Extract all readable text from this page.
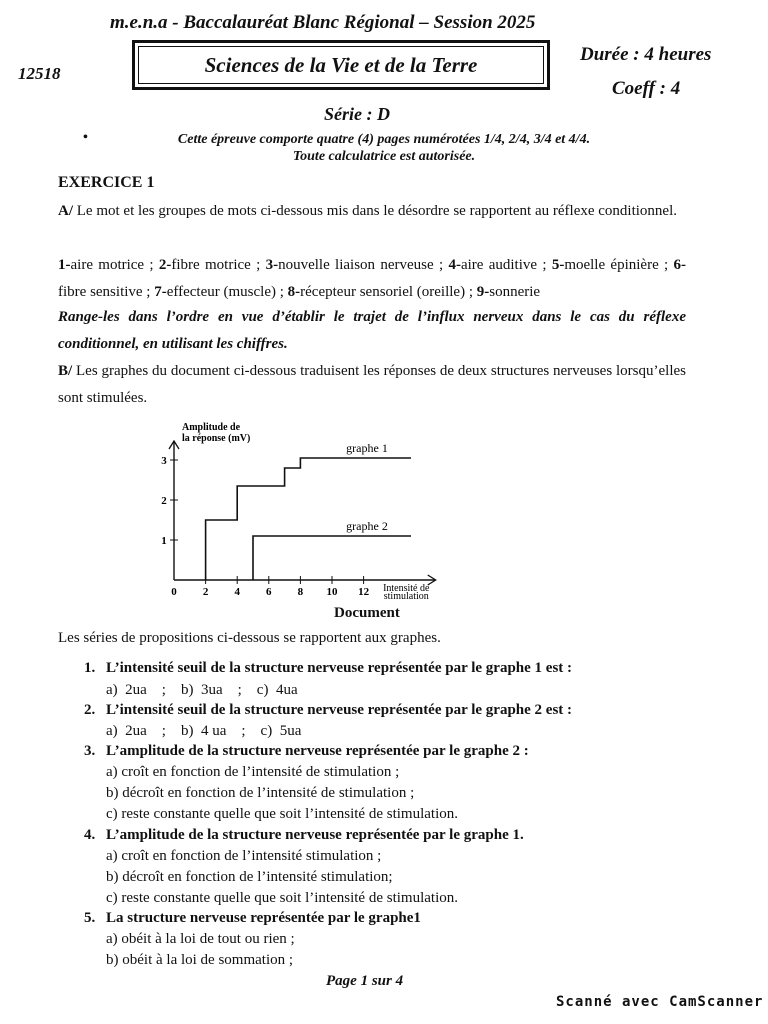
m.e.n.a - Baccalauréat Blanc Régional – Session 2025
12518	Sciences de la Vie et de la Terre	Durée : 4 heures
Coeff : 4
Série : D
•	Cette épreuve comporte quatre (4) pages numérotées 1/4, 2/4, 3/4 et 4/4.
Toute calculatrice est autorisée.
EXERCICE 1
A/ Le mot et les groupes de mots ci-dessous mis dans le désordre se rapportent au réflexe conditionnel.
1-aire motrice ; 2-fibre motrice ; 3-nouvelle liaison nerveuse ; 4-aire auditive ; 5-moelle épinière ; 6-fibre sensitive ; 7-effecteur (muscle) ; 8-récepteur sensoriel (oreille) ; 9-sonnerie
Range-les dans l’ordre en vue d’établir le trajet de l’influx nerveux dans le cas du réflexe conditionnel, en utilisant les chiffres.
B/ Les graphes du document ci-dessous traduisent les réponses de deux structures nerveuses lorsqu’elles sont stimulées.
0 2 4 6 8 10 12
1
2
3
graphe 1
graphe 2
Amplitude de
la réponse (mV)
Intensité de
stimulation
Document
Les séries de propositions ci-dessous se rapportent aux graphes.
1. L’intensité seuil de la structure nerveuse représentée par le graphe 1 est :
a)  2ua    ;    b)  3ua    ;    c)  4ua
2. L’intensité seuil de la structure nerveuse représentée par le graphe 2 est :
a)  2ua    ;    b)  4 ua    ;    c)  5ua
3. L’amplitude de la structure nerveuse représentée par le graphe 2 :
a) croît en fonction de l’intensité de stimulation ;
b) décroît en fonction de l’intensité de stimulation ;
c) reste constante quelle que soit l’intensité de stimulation.
4. L’amplitude de la structure nerveuse représentée par le graphe 1.
a) croît en fonction de l’intensité stimulation ;
b) décroît en fonction de l’intensité stimulation;
c) reste constante quelle que soit l’intensité de stimulation.
5. La structure nerveuse représentée par le graphe1
a) obéit à la loi de tout ou rien ;
b) obéit à la loi de sommation ;
Page 1 sur 4
Scanné avec CamScanner
